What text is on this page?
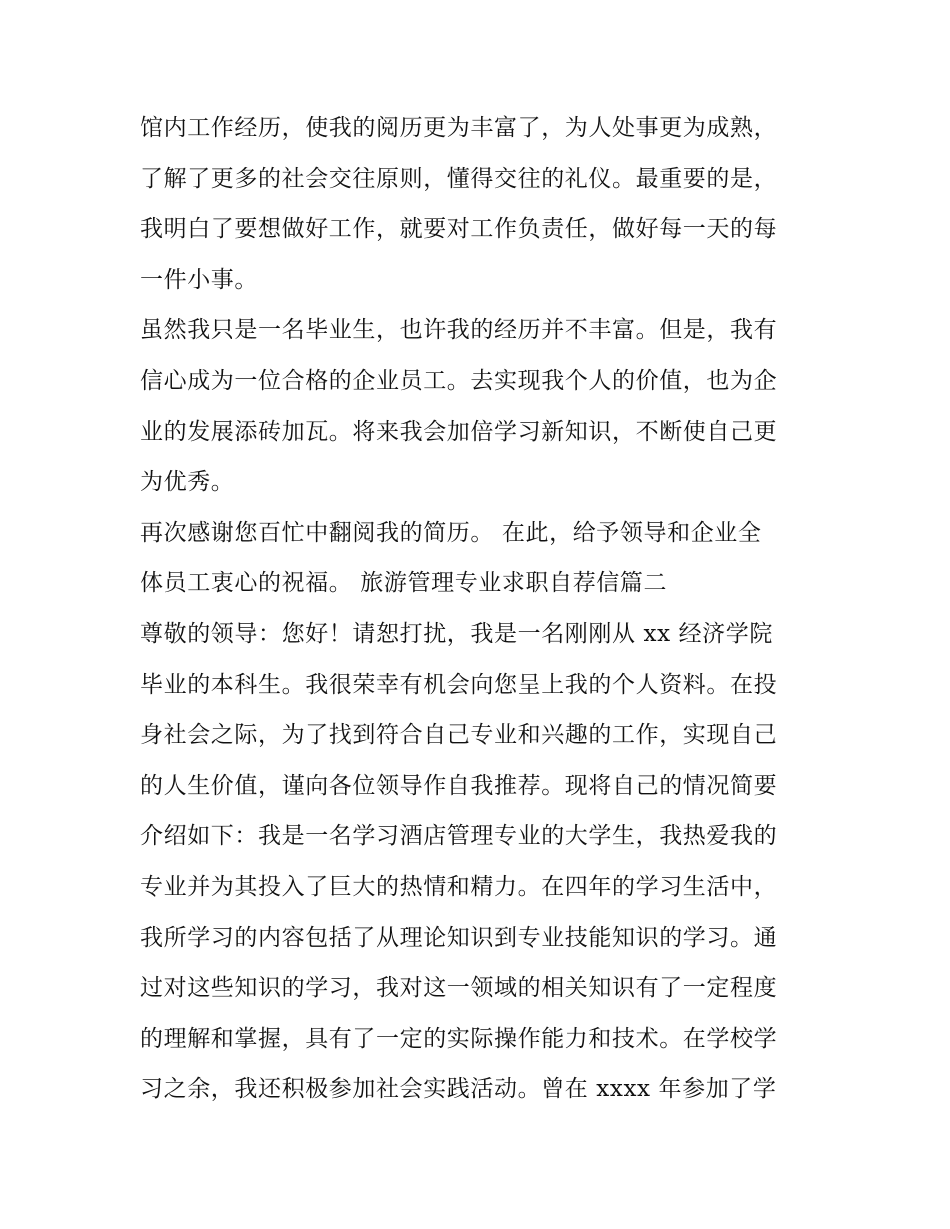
馆内工作经历，使我的阅历更为丰富了，为人处事更为成熟，
了解了更多的社会交往原则，懂得交往的礼仪。最重要的是，
我明白了要想做好工作，就要对工作负责任，做好每一天的每
一件小事。
虽然我只是一名毕业生，也许我的经历并不丰富。但是，我有
信心成为一位合格的企业员工。去实现我个人的价值，也为企
业的发展添砖加瓦。将来我会加倍学习新知识，不断使自己更
为优秀。
再次感谢您百忙中翻阅我的简历。 在此，给予领导和企业全
体员工衷心的祝福。 旅游管理专业求职自荐信篇二
尊敬的领导：您好！请恕打扰，我是一名刚刚从 xx 经济学院
毕业的本科生。我很荣幸有机会向您呈上我的个人资料。在投
身社会之际，为了找到符合自己专业和兴趣的工作，实现自己
的人生价值，谨向各位领导作自我推荐。现将自己的情况简要
介绍如下：我是一名学习酒店管理专业的大学生，我热爱我的
专业并为其投入了巨大的热情和精力。在四年的学习生活中，
我所学习的内容包括了从理论知识到专业技能知识的学习。通
过对这些知识的学习，我对这一领域的相关知识有了一定程度
的理解和掌握，具有了一定的实际操作能力和技术。在学校学
习之余，我还积极参加社会实践活动。曾在 xxxx 年参加了学
